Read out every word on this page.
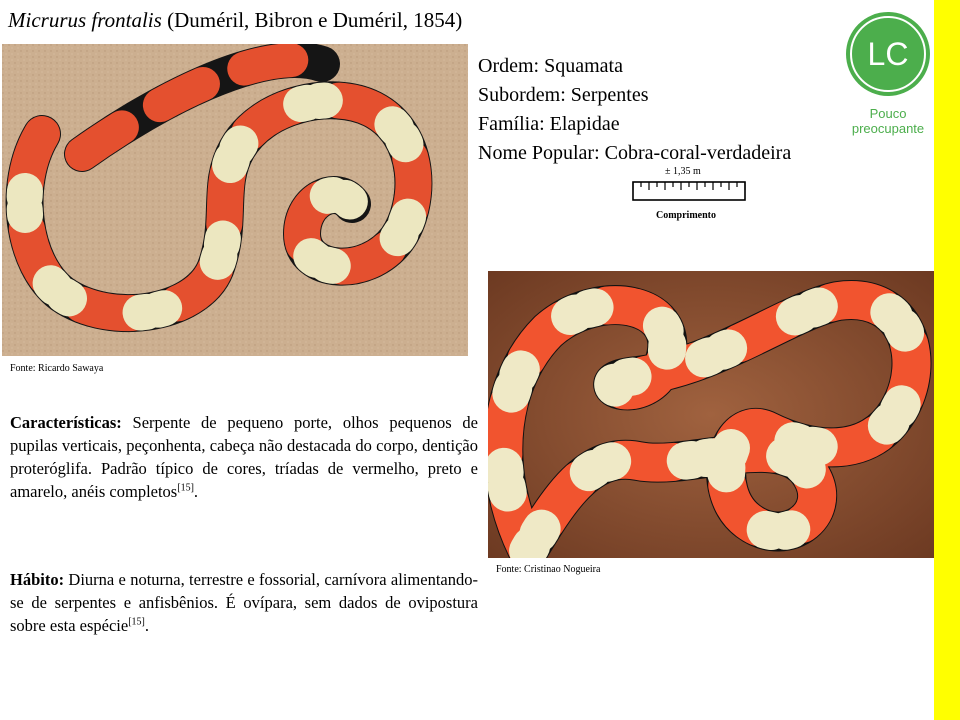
Micrurus frontalis (Duméril, Bibron e Duméril, 1854)
Fonte: Ricardo Sawaya
Ordem: Squamata
Subordem: Serpentes
Família: Elapidae
Nome Popular: Cobra-coral-verdadeira
± 1,35 m
Comprimento
LC
Pouco
preocupante
Fonte: Cristinao Nogueira
Características: Serpente de pequeno porte, olhos pequenos de pupilas verticais, peçonhenta, cabeça não destacada do corpo, dentição proteróglifa. Padrão típico de cores, tríadas de vermelho, preto e amarelo, anéis completos[15].
Hábito: Diurna e noturna, terrestre e fossorial, carnívora alimentando-se de serpentes e anfisbênios. É ovípara, sem dados de ovipostura sobre esta espécie[15].
